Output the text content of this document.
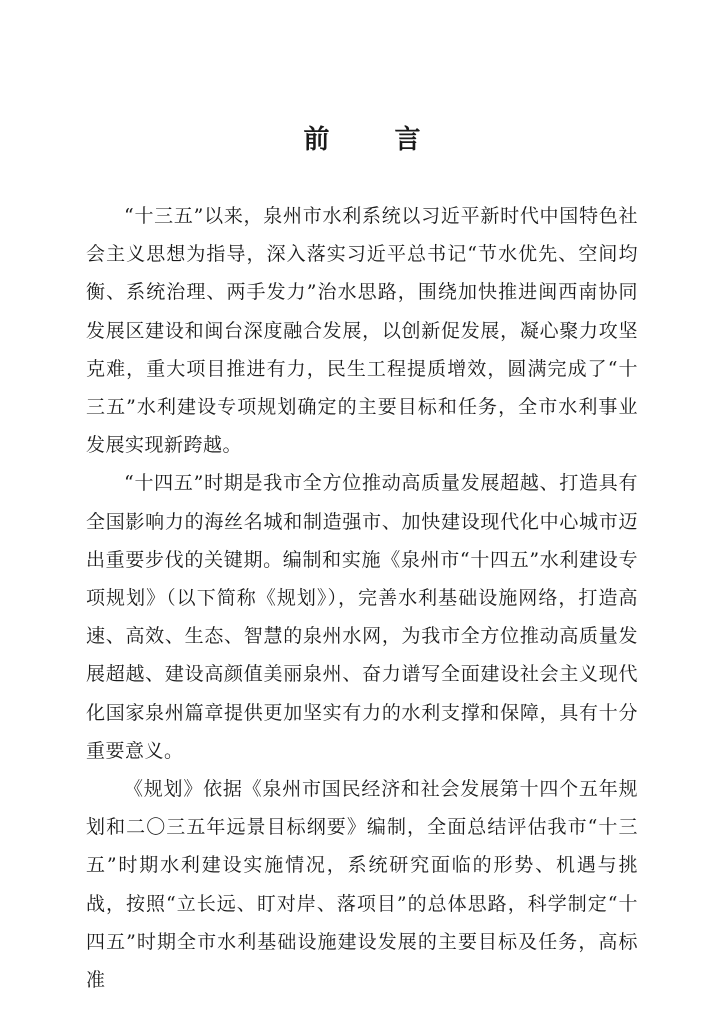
前 言

“十三五”以来，泉州市水利系统以习近平新时代中国特色社会主义思想为指导，深入落实习近平总书记“节水优先、空间均衡、系统治理、两手发力”治水思路，围绕加快推进闽西南协同发展区建设和闽台深度融合发展，以创新促发展，凝心聚力攻坚克难，重大项目推进有力，民生工程提质增效，圆满完成了“十三五”水利建设专项规划确定的主要目标和任务，全市水利事业发展实现新跨越。

“十四五”时期是我市全方位推动高质量发展超越、打造具有全国影响力的海丝名城和制造强市、加快建设现代化中心城市迈出重要步伐的关键期。编制和实施《泉州市“十四五”水利建设专项规划》（以下简称《规划》），完善水利基础设施网络，打造高速、高效、生态、智慧的泉州水网，为我市全方位推动高质量发展超越、建设高颜值美丽泉州、奋力谱写全面建设社会主义现代化国家泉州篇章提供更加坚实有力的水利支撑和保障，具有十分重要意义。

《规划》依据《泉州市国民经济和社会发展第十四个五年规划和二〇三五年远景目标纲要》编制，全面总结评估我市“十三五”时期水利建设实施情况，系统研究面临的形势、机遇与挑战，按照“立长远、盯对岸、落项目”的总体思路，科学制定“十四五”时期全市水利基础设施建设发展的主要目标及任务，高标准
